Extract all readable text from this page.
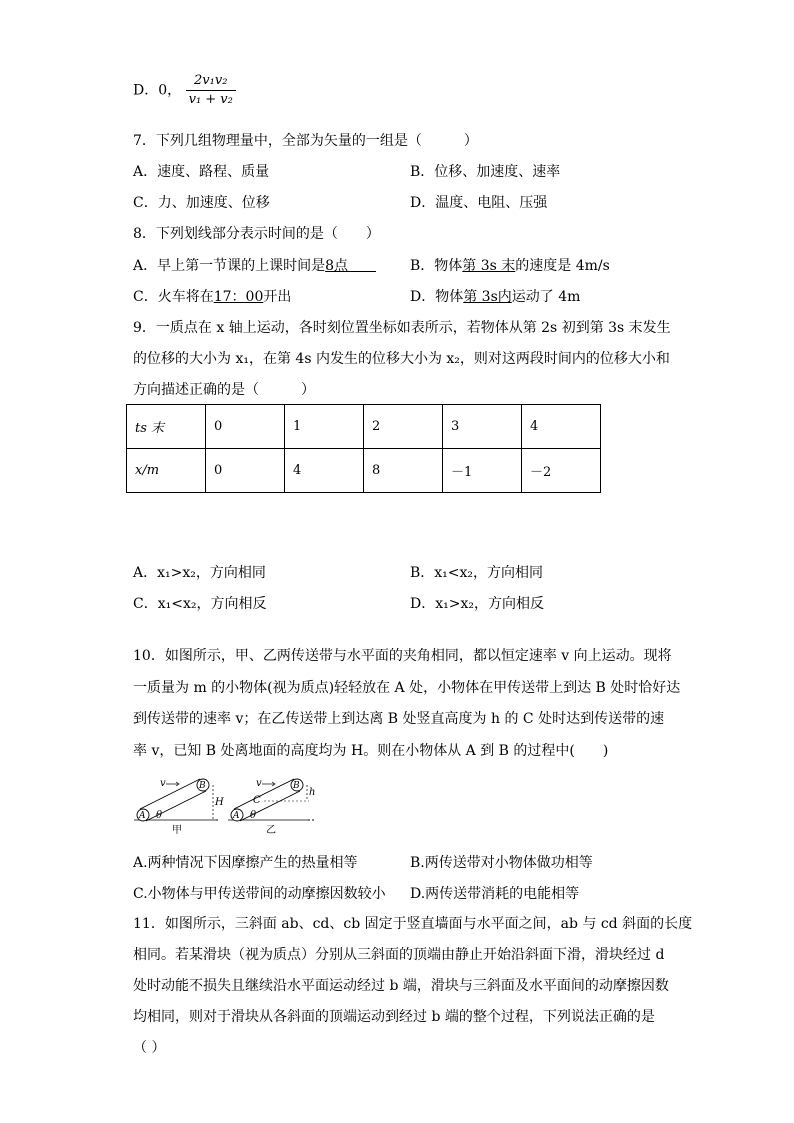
D．0， $\frac{\text{2v₁v₂}}{\text{v₁ + v₂}}$
7．下列几组物理量中，全部为矢量的一组是（　　　）
A．速度、路程、质量	B．位移、加速度、速率
C．力、加速度、位移	D．温度、电阻、压强
8．下列划线部分表示时间的是（　　）
A．早上第一节课的上课时间是8点　　 B．物体第 3s 末的速度是 4m/s
C．火车将在17：00开出	D．物体第 3s内运动了 4m
9．一质点在 x 轴上运动，各时刻位置坐标如表所示，若物体从第 2s 初到第 3s 末发生
的位移的大小为 x₁，在第 4s 内发生的位移大小为 x₂，则对这两段时间内的位移大小和
方向描述正确的是（　　　）
ts 末	0	1	2	3	4
x/m	0	4	8	－1	－2
A．x₁>x₂，方向相同	B．x₁<x₂，方向相同
C．x₁<x₂，方向相反	D．x₁>x₂，方向相反
10．如图所示，甲、乙两传送带与水平面的夹角相同，都以恒定速率 v 向上运动。现将
一质量为 m 的小物体(视为质点)轻轻放在 A 处，小物体在甲传送带上到达 B 处时恰好达
到传送带的速率 v；在乙传送带上到达离 B 处竖直高度为 h 的 C 处时达到传送带的速
率 v，已知 B 处离地面的高度均为 H。则在小物体从 A 到 B 的过程中(　　)
A
B
v
H
θ
甲
A
B
C
v
h
θ
乙
A.两种情况下因摩擦产生的热量相等	B.两传送带对小物体做功相等
C.小物体与甲传送带间的动摩擦因数较小 D.两传送带消耗的电能相等
11．如图所示，三斜面 ab、cd、cb 固定于竖直墙面与水平面之间，ab 与 cd 斜面的长度
相同。若某滑块（视为质点）分别从三斜面的顶端由静止开始沿斜面下滑，滑块经过 d
处时动能不损失且继续沿水平面运动经过 b 端，滑块与三斜面及水平面间的动摩擦因数
均相同，则对于滑块从各斜面的顶端运动到经过 b 端的整个过程，下列说法正确的是
（ ）
